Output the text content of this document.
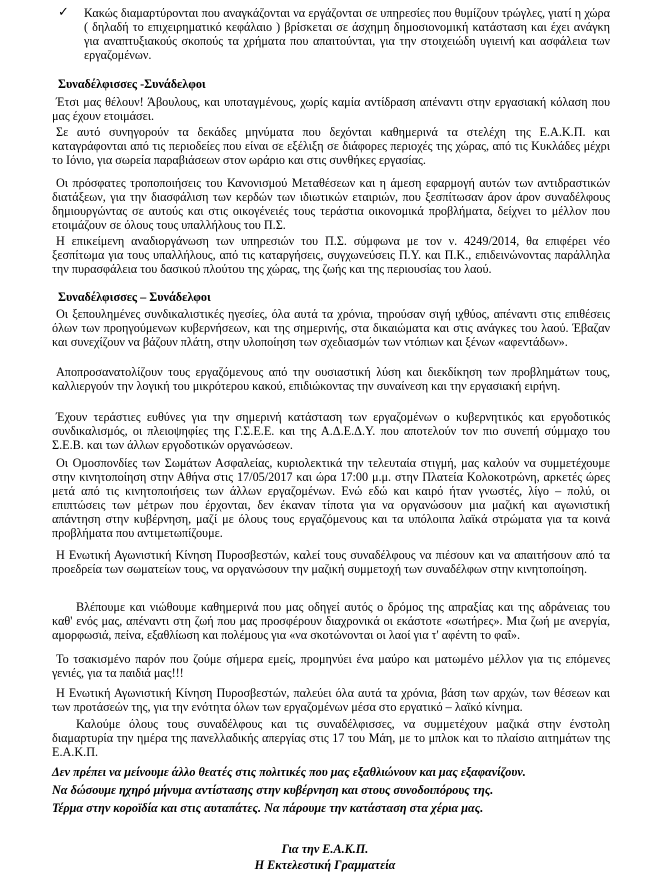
✓ Κακώς διαμαρτύρονται που αναγκάζονται να εργάζονται σε υπηρεσίες που θυμίζουν τρώγλες, γιατί η χώρα ( δηλαδή το επιχειρηματικό κεφάλαιο ) βρίσκεται σε άσχημη δημοσιονομική κατάσταση και έχει ανάγκη για αναπτυξιακούς σκοπούς τα χρήματα που απαιτούνται, για την στοιχειώδη υγιεινή και ασφάλεια των εργαζομένων.

Συναδέλφισσες -Συνάδελφοι

Έτσι μας θέλουν! Άβουλους, και υποταγμένους, χωρίς καμία αντίδραση απέναντι στην εργασιακή κόλαση που μας έχουν ετοιμάσει.

Σε αυτό συνηγορούν τα δεκάδες μηνύματα που δεχόνται καθημερινά τα στελέχη της Ε.Α.Κ.Π. και καταγράφονται από τις περιοδείες που είναι σε εξέλιξη σε διάφορες περιοχές της χώρας, από τις Κυκλάδες μέχρι το Ιόνιο, για σωρεία παραβιάσεων στον ωράριο και στις συνθήκες εργασίας.

Οι πρόσφατες τροποποιήσεις του Κανονισμού Μεταθέσεων και η άμεση εφαρμογή αυτών των αντιδραστικών διατάξεων, για την διασφάλιση των κερδών των ιδιωτικών εταιριών, που ξεσπίτωσαν άρον άρον συναδέλφους δημιουργώντας σε αυτούς και στις οικογένειές τους τεράστια οικονομικά προβλήματα, δείχνει το μέλλον που ετοιμάζουν σε όλους τους υπαλλήλους του Π.Σ.

Η επικείμενη αναδιοργάνωση των υπηρεσιών του Π.Σ. σύμφωνα με τον ν. 4249/2014, θα επιφέρει νέο ξεσπίτωμα για τους υπαλλήλους, από τις καταργήσεις, συγχωνεύσεις Π.Υ. και Π.Κ., επιδεινώνοντας παράλληλα την πυρασφάλεια του δασικού πλούτου της χώρας, της ζωής και της περιουσίας του λαού.

Συναδέλφισσες – Συνάδελφοι

Οι ξεπουλημένες συνδικαλιστικές ηγεσίες, όλα αυτά τα χρόνια, τηρούσαν σιγή ιχθύος, απέναντι στις επιθέσεις όλων των προηγούμενων κυβερνήσεων, και της σημερινής, στα δικαιώματα και στις ανάγκες του λαού. Έβαζαν και συνεχίζουν να βάζουν πλάτη, στην υλοποίηση των σχεδιασμών των ντόπιων και ξένων «αφεντάδων».

Αποπροσανατολίζουν τους εργαζόμενους από την ουσιαστική λύση και διεκδίκηση των προβλημάτων τους, καλλιεργούν την λογική του μικρότερου κακού, επιδιώκοντας την συναίνεση και την εργασιακή ειρήνη.

Έχουν τεράστιες ευθύνες για την σημερινή κατάσταση των εργαζομένων ο κυβερνητικός και εργοδοτικός συνδικαλισμός, οι πλειοψηφίες της Γ.Σ.Ε.Ε. και της Α.Δ.Ε.Δ.Υ. που αποτελούν τον πιο συνεπή σύμμαχο του Σ.Ε.Β. και των άλλων εργοδοτικών οργανώσεων.

Οι Ομοσπονδίες των Σωμάτων Ασφαλείας, κυριολεκτικά την τελευταία στιγμή, μας καλούν να συμμετέχουμε στην κινητοποίηση στην Αθήνα στις 17/05/2017 και ώρα 17:00 μ.μ. στην Πλατεία Κολοκοτρώνη, αρκετές ώρες μετά από τις κινητοποιήσεις των άλλων εργαζομένων. Ενώ εδώ και καιρό ήταν γνωστές, λίγο – πολύ, οι επιπτώσεις των μέτρων που έρχονται, δεν έκαναν τίποτα για να οργανώσουν μια μαζική και αγωνιστική απάντηση στην κυβέρνηση, μαζί με όλους τους εργαζόμενους και τα υπόλοιπα λαϊκά στρώματα για τα κοινά προβλήματα που αντιμετωπίζουμε.

Η Ενωτική Αγωνιστική Κίνηση Πυροσβεστών, καλεί τους συναδέλφους να πιέσουν και να απαιτήσουν από τα προεδρεία των σωματείων τους, να οργανώσουν την μαζική συμμετοχή των συναδέλφων στην κινητοποίηση.

Βλέπουμε και νιώθουμε καθημερινά που μας οδηγεί αυτός ο δρόμος της απραξίας και της αδράνειας του καθ' ενός μας, απέναντι στη ζωή που μας προσφέρουν διαχρονικά οι εκάστοτε «σωτήρες». Μια ζωή με ανεργία, αμορφωσιά, πείνα, εξαθλίωση και πολέμους για «να σκοτώνονται οι λαοί για τ' αφέντη το φαΐ».

Το τσακισμένο παρόν που ζούμε σήμερα εμείς, προμηνύει ένα μαύρο και ματωμένο μέλλον για τις επόμενες γενιές, για τα παιδιά μας!!!

Η Ενωτική Αγωνιστική Κίνηση Πυροσβεστών, παλεύει όλα αυτά τα χρόνια, βάση των αρχών, των θέσεων και των προτάσεών της, για την ενότητα όλων των εργαζομένων μέσα στο εργατικό – λαϊκό κίνημα.

Καλούμε όλους τους συναδέλφους και τις συναδέλφισσες, να συμμετέχουν μαζικά στην ένστολη διαμαρτυρία την ημέρα της πανελλαδικής απεργίας στις 17 του Μάη, με το μπλοκ και το πλαίσιο αιτημάτων της Ε.Α.Κ.Π.

Δεν πρέπει να μείνουμε άλλο θεατές στις πολιτικές που μας εξαθλιώνουν και μας εξαφανίζουν.

Να δώσουμε ηχηρό μήνυμα αντίστασης στην κυβέρνηση και στους συνοδοιπόρους της.

Τέρμα στην κοροϊδία και στις αυταπάτες. Να πάρουμε την κατάσταση στα χέρια μας.

Για την Ε.Α.Κ.Π.

Η Εκτελεστική Γραμματεία
